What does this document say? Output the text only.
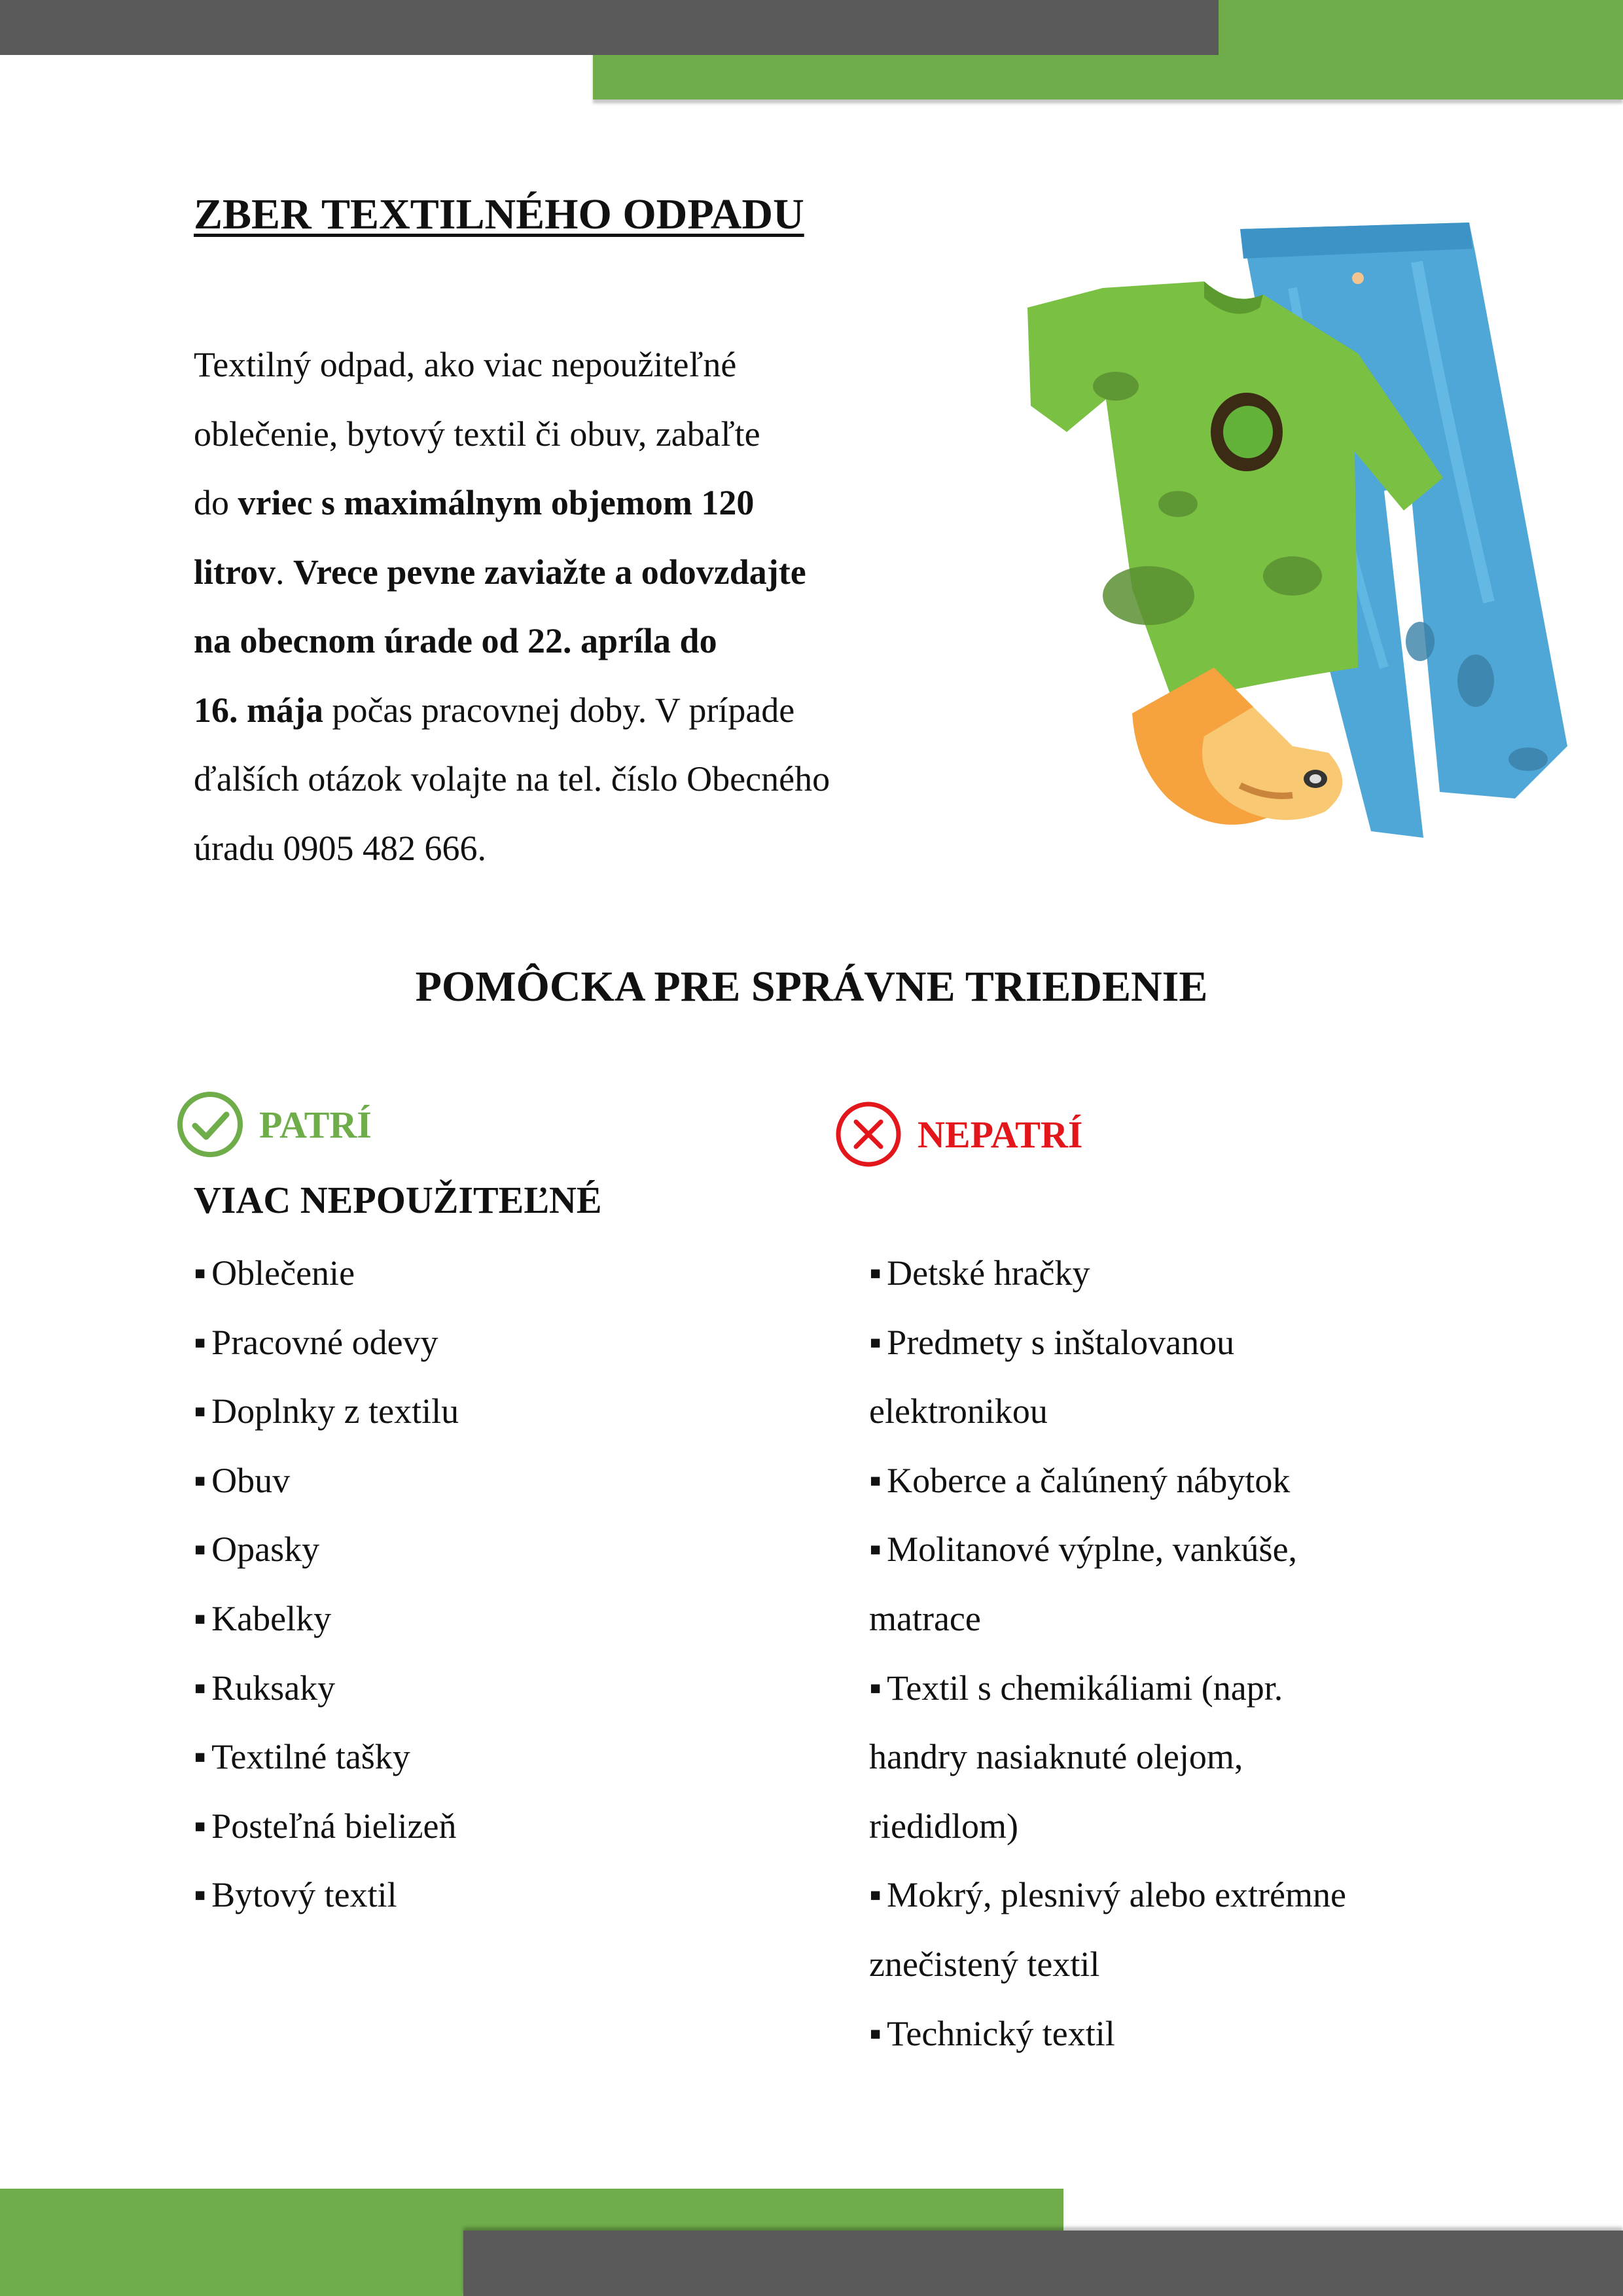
ZBER TEXTILNÉHO ODPADU

Textilný odpad, ako viac nepoužiteľné
oblečenie, bytový textil či obuv, zabaľte
do vriec s maximálnym objemom 120
litrov. Vrece pevne zaviažte a odovzdajte
na obecnom úrade od 22. apríla do
16. mája počas pracovnej doby. V prípade
ďalších otázok volajte na tel. číslo Obecného
úradu 0905 482 666.

POMÔCKA PRE SPRÁVNE TRIEDENIE
PATRÍ	NEPATRÍ

VIAC NEPOUŽITEĽNÉ

▪ Oblečenie
▪ Pracovné odevy
▪ Doplnky z textilu
▪ Obuv
▪ Opasky
▪ Kabelky
▪ Ruksaky
▪ Textilné tašky
▪ Posteľná bielizeň
▪ Bytový textil
▪ Detské hračky
▪ Predmety s inštalovanou
elektronikou
▪ Koberce a čalúnený nábytok
▪ Molitanové výplne, vankúše,
matrace
▪ Textil s chemikáliami (napr.
handry nasiaknuté olejom,
riedidlom)
▪ Mokrý, plesnivý alebo extrémne
znečistený textil
▪ Technický textil
